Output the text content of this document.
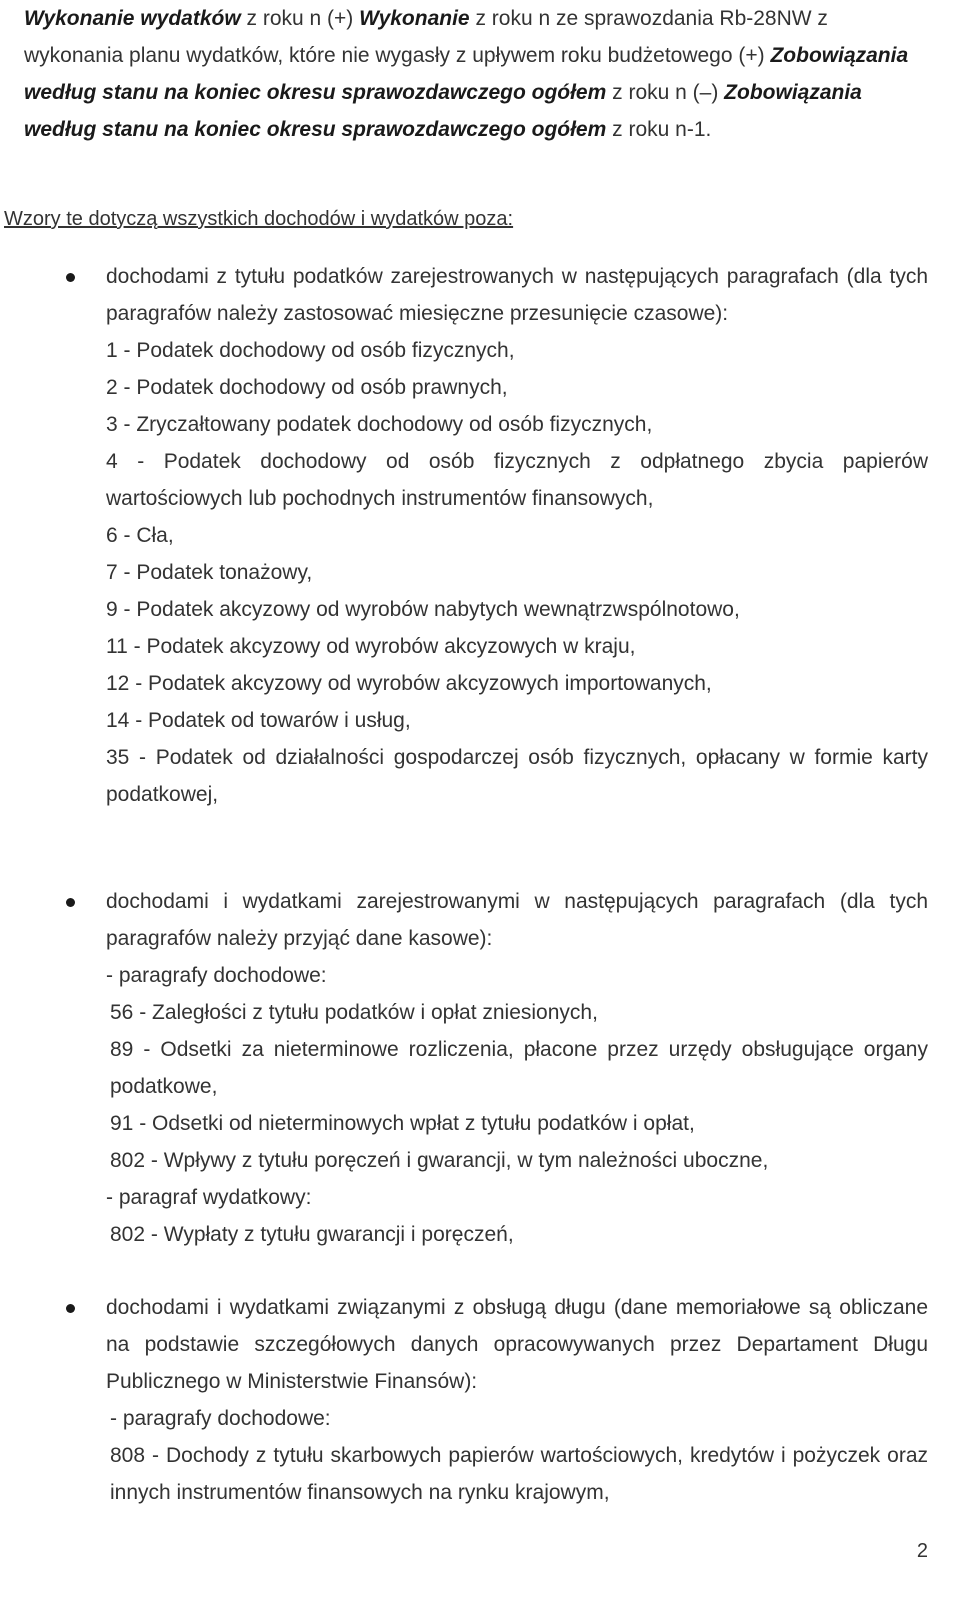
Wykonanie wydatków z roku n (+) Wykonanie z roku n ze sprawozdania Rb-28NW z wykonania planu wydatków, które nie wygasły z upływem roku budżetowego (+) Zobowiązania według stanu na koniec okresu sprawozdawczego ogółem z roku n (–) Zobowiązania według stanu na koniec okresu sprawozdawczego ogółem z roku n-1.

Wzory te dotyczą wszystkich dochodów i wydatków poza:

dochodami z tytułu podatków zarejestrowanych w następujących paragrafach (dla tych paragrafów należy zastosować miesięczne przesunięcie czasowe):

1 - Podatek dochodowy od osób fizycznych,

2 - Podatek dochodowy od osób prawnych,

3 - Zryczałtowany podatek dochodowy od osób fizycznych,

4 - Podatek dochodowy od osób fizycznych z odpłatnego zbycia papierów wartościowych lub pochodnych instrumentów finansowych,

6 - Cła,

7 - Podatek tonażowy,

9 - Podatek akcyzowy od wyrobów nabytych wewnątrzwspólnotowo,

11 - Podatek akcyzowy od wyrobów akcyzowych w kraju,

12 - Podatek akcyzowy od wyrobów akcyzowych importowanych,

14 - Podatek od towarów i usług,

35 - Podatek od działalności gospodarczej osób fizycznych, opłacany w formie karty podatkowej,

dochodami i wydatkami zarejestrowanymi w następujących paragrafach (dla tych paragrafów należy przyjąć dane kasowe):

- paragrafy dochodowe:

56 - Zaległości z tytułu podatków i opłat zniesionych,

89 - Odsetki za nieterminowe rozliczenia, płacone przez urzędy obsługujące organy podatkowe,

91 - Odsetki od nieterminowych wpłat z tytułu podatków i opłat,

802 - Wpływy z tytułu poręczeń i gwarancji, w tym należności uboczne,

- paragraf wydatkowy:

802 - Wypłaty z tytułu gwarancji i poręczeń,

dochodami i wydatkami związanymi z obsługą długu (dane memoriałowe są obliczane na podstawie szczegółowych danych opracowywanych przez Departament Długu Publicznego w Ministerstwie Finansów):

- paragrafy dochodowe:

808 - Dochody z tytułu skarbowych papierów wartościowych, kredytów i pożyczek oraz innych instrumentów finansowych na rynku krajowym,

2
